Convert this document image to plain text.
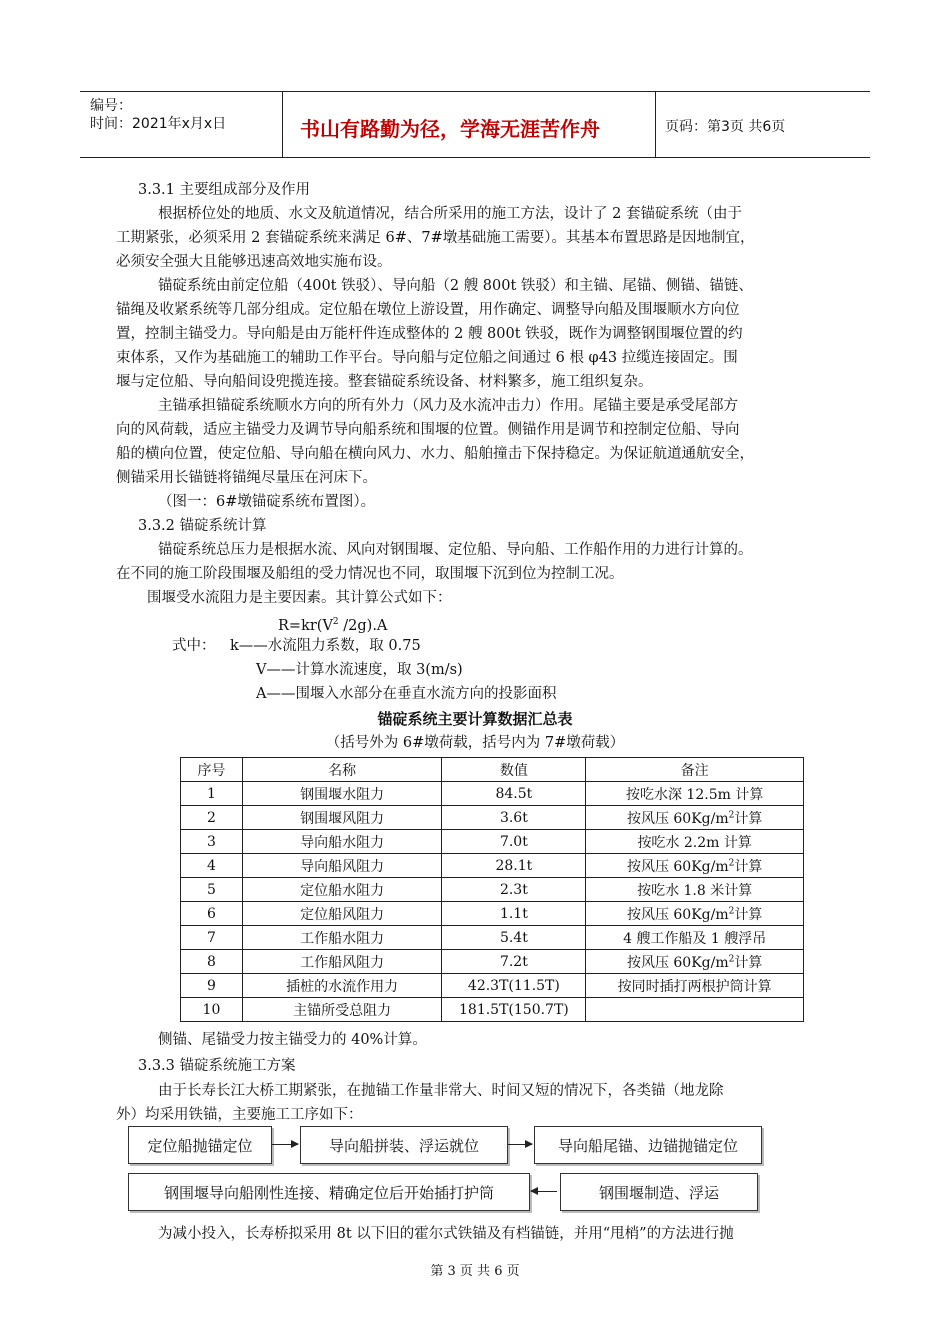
编号：
时间：2021年x月x日	书山有路勤为径，学海无涯苦作舟	页码：第3页 共6页
3.3.1 主要组成部分及作用
根据桥位处的地质、水文及航道情况，结合所采用的施工方法，设计了 2 套锚碇系统（由于
工期紧张，必须采用 2 套锚碇系统来满足 6#、7#墩基础施工需要）。其基本布置思路是因地制宜，
必须安全强大且能够迅速高效地实施布设。
锚碇系统由前定位船（400t 铁驳）、导向船（2 艘 800t 铁驳）和主锚、尾锚、侧锚、锚链、
锚绳及收紧系统等几部分组成。定位船在墩位上游设置，用作确定、调整导向船及围堰顺水方向位
置，控制主锚受力。导向船是由万能杆件连成整体的 2 艘 800t 铁驳，既作为调整钢围堰位置的约
束体系，又作为基础施工的辅助工作平台。导向船与定位船之间通过 6 根 φ43 拉缆连接固定。围
堰与定位船、导向船间设兜揽连接。整套锚碇系统设备、材料繁多，施工组织复杂。
主锚承担锚碇系统顺水方向的所有外力（风力及水流冲击力）作用。尾锚主要是承受尾部方
向的风荷载，适应主锚受力及调节导向船系统和围堰的位置。侧锚作用是调节和控制定位船、导向
船的横向位置，使定位船、导向船在横向风力、水力、船舶撞击下保持稳定。为保证航道通航安全，
侧锚采用长锚链将锚绳尽量压在河床下。
（图一：6#墩锚碇系统布置图）。
3.3.2 锚碇系统计算
锚碇系统总压力是根据水流、风向对钢围堰、定位船、导向船、工作船作用的力进行计算的。
在不同的施工阶段围堰及船组的受力情况也不同，取围堰下沉到位为控制工况。
围堰受水流阻力是主要因素。其计算公式如下：
$R=kr(V^2$ /2g).A
式中： k——水流阻力系数，取 0.75
V——计算水流速度，取 3(m/s)
A——围堰入水部分在垂直水流方向的投影面积
锚碇系统主要计算数据汇总表
（括号外为 6#墩荷载，括号内为 7#墩荷载）
序号	名称	数值	备注
1	钢围堰水阻力	84.5t	按吃水深 12.5m 计算
2	钢围堰风阻力	3.6t	按风压 $60Kg/m^2$计算
3	导向船水阻力	7.0t	按吃水 2.2m 计算
4	导向船风阻力	28.1t	按风压 $60Kg/m^2$计算
5	定位船水阻力	2.3t	按吃水 1.8 米计算
6	定位船风阻力	1.1t	按风压 $60Kg/m^2$计算
7	工作船水阻力	5.4t	4 艘工作船及 1 艘浮吊
8	工作船风阻力	7.2t	按风压 $60Kg/m^2$计算
9	插桩的水流作用力	42.3T(11.5T)	按同时插打两根护筒计算
10	主锚所受总阻力	181.5T(150.7T)	
侧锚、尾锚受力按主锚受力的 40%计算。
3.3.3 锚碇系统施工方案
由于长寿长江大桥工期紧张，在抛锚工作量非常大、时间又短的情况下，各类锚（地龙除
外）均采用铁锚，主要施工工序如下：
定位船抛锚定位	导向船拼装、浮运就位	导向船尾锚、边锚抛锚定位
钢围堰导向船刚性连接、精确定位后开始插打护筒	钢围堰制造、浮运
为减小投入，长寿桥拟采用 8t 以下旧的霍尔式铁锚及有档锚链，并用“甩梢”的方法进行抛
第 3 页 共 6 页
